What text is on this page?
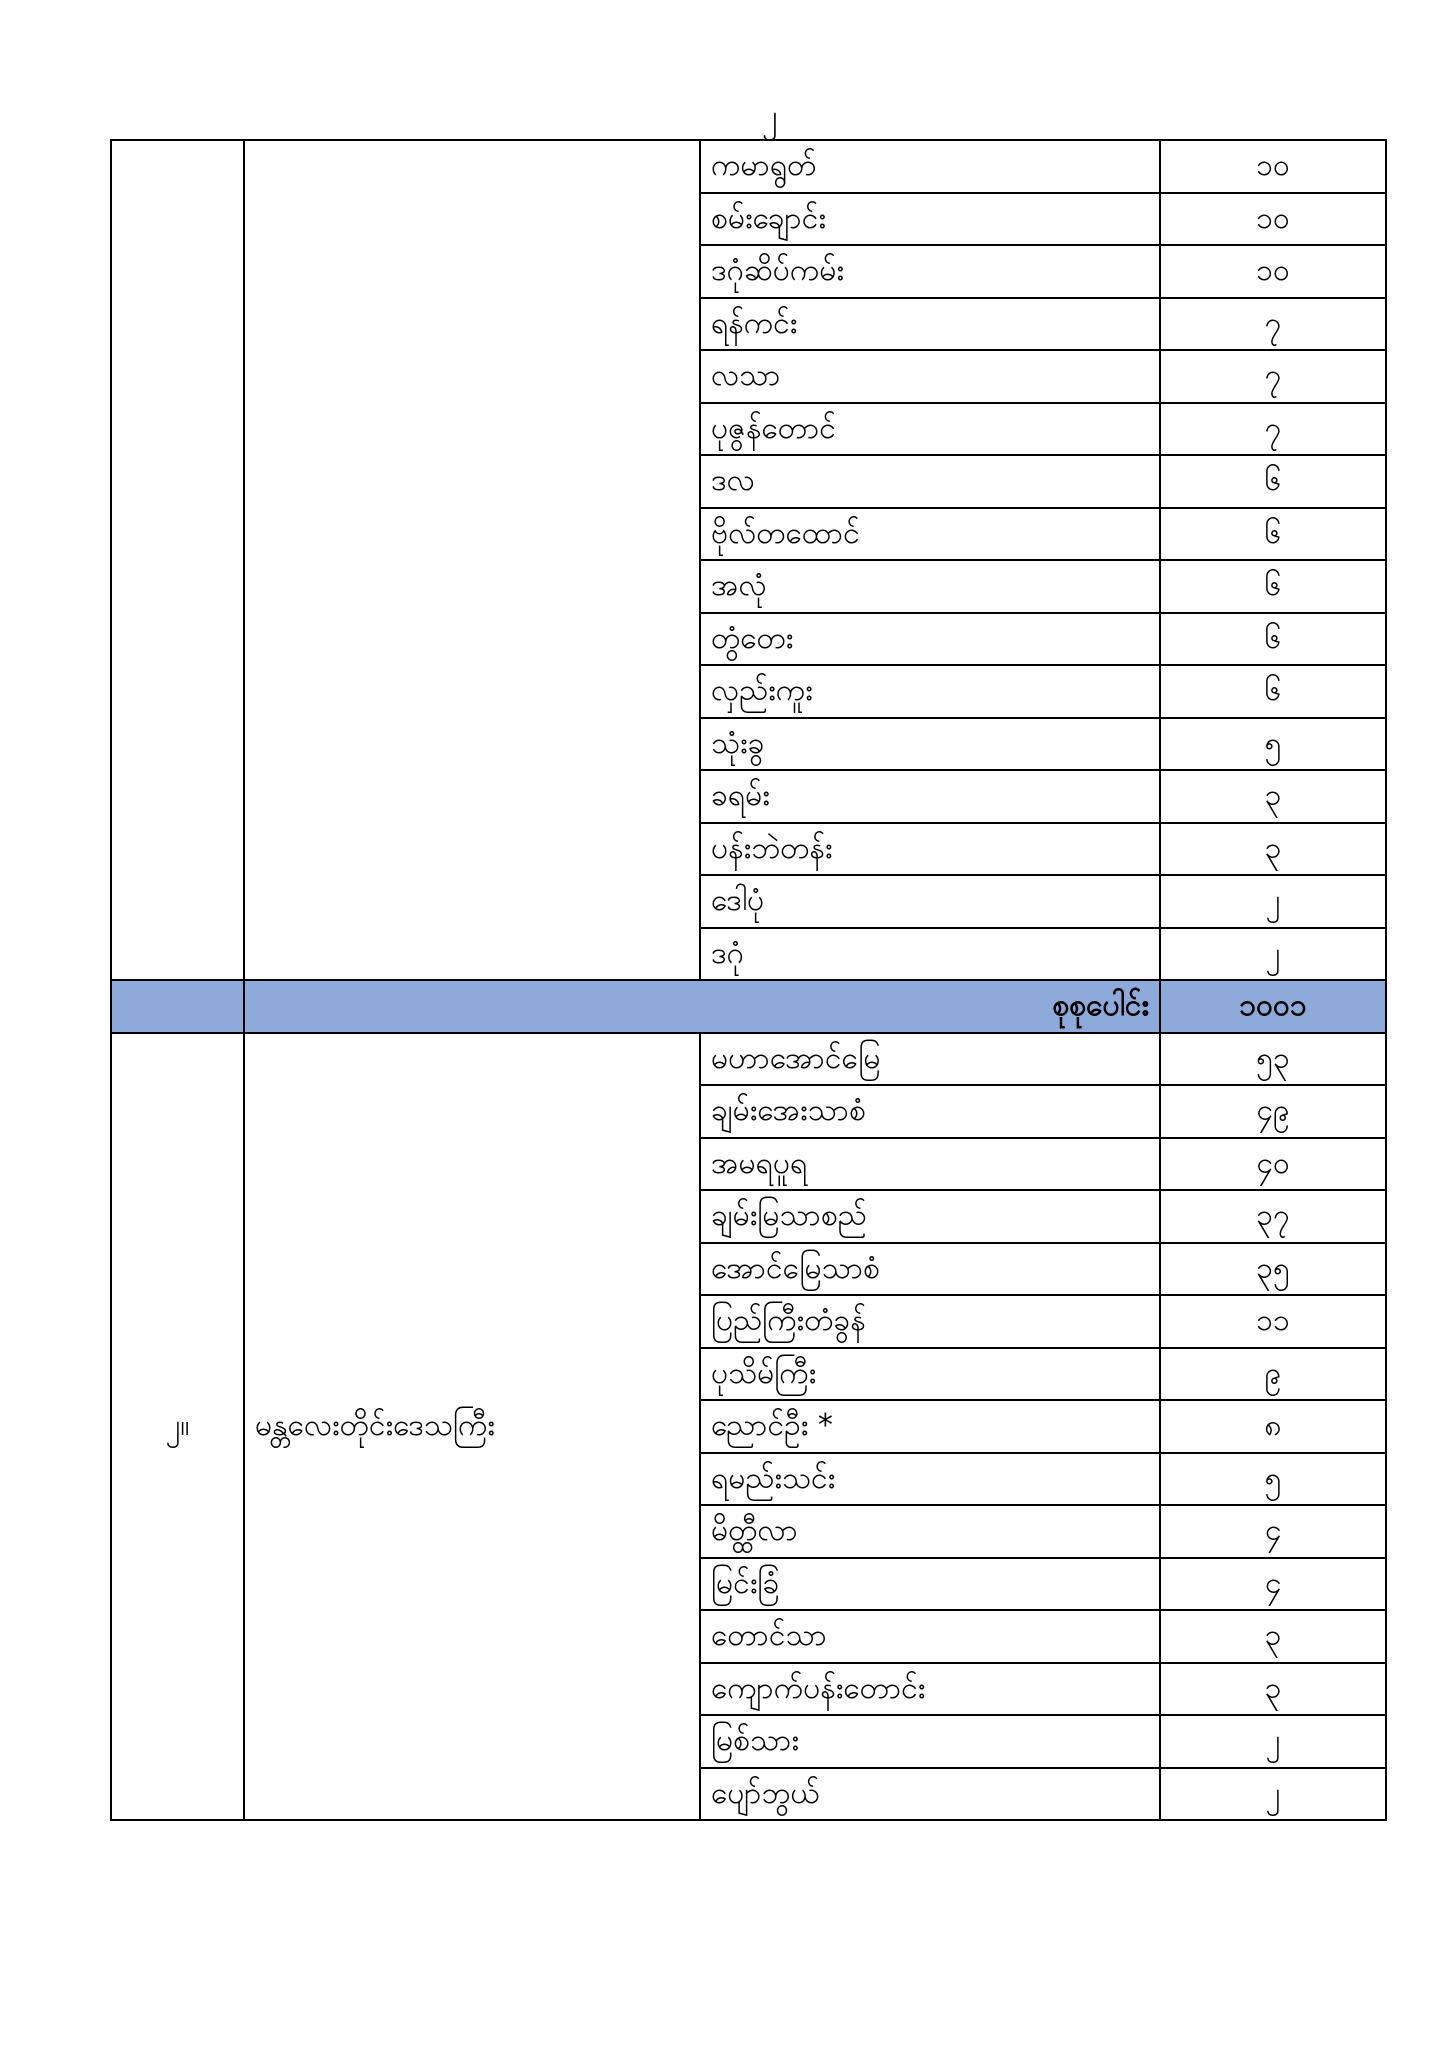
၂
		ကမာရွတ်	၁၀
		စမ်းချောင်း	၁၀
		ဒဂုံဆိပ်ကမ်း	၁၀
		ရန်ကင်း	၇
		လသာ	၇
		ပုဇွန်တောင်	၇
		ဒလ	၆
		ဗိုလ်တထောင်	၆
		အလုံ	၆
		တွံတေး	၆
		လှည်းကူး	၆
		သုံးခွ	၅
		ခရမ်း	၃
		ပန်းဘဲတန်း	၃
		ဒေါပုံ	၂
		ဒဂုံ	၂
	စုစုပေါင်း		၁၀၀၁
၂။	မန္တလေးတိုင်းဒေသကြီး	မဟာအောင်မြေ	၅၃
		ချမ်းအေးသာစံ	၄၉
		အမရပူရ	၄၀
		ချမ်းမြသာစည်	၃၇
		အောင်မြေသာစံ	၃၅
		ပြည်ကြီးတံခွန်	၁၁
		ပုသိမ်ကြီး	၉
		ညောင်ဦး *	၈
		ရမည်းသင်း	၅
		မိတ္ထီလာ	၄
		မြင်းခြံ	၄
		တောင်သာ	၃
		ကျောက်ပန်းတောင်း	၃
		မြစ်သား	၂
		ပျော်ဘွယ်	၂
